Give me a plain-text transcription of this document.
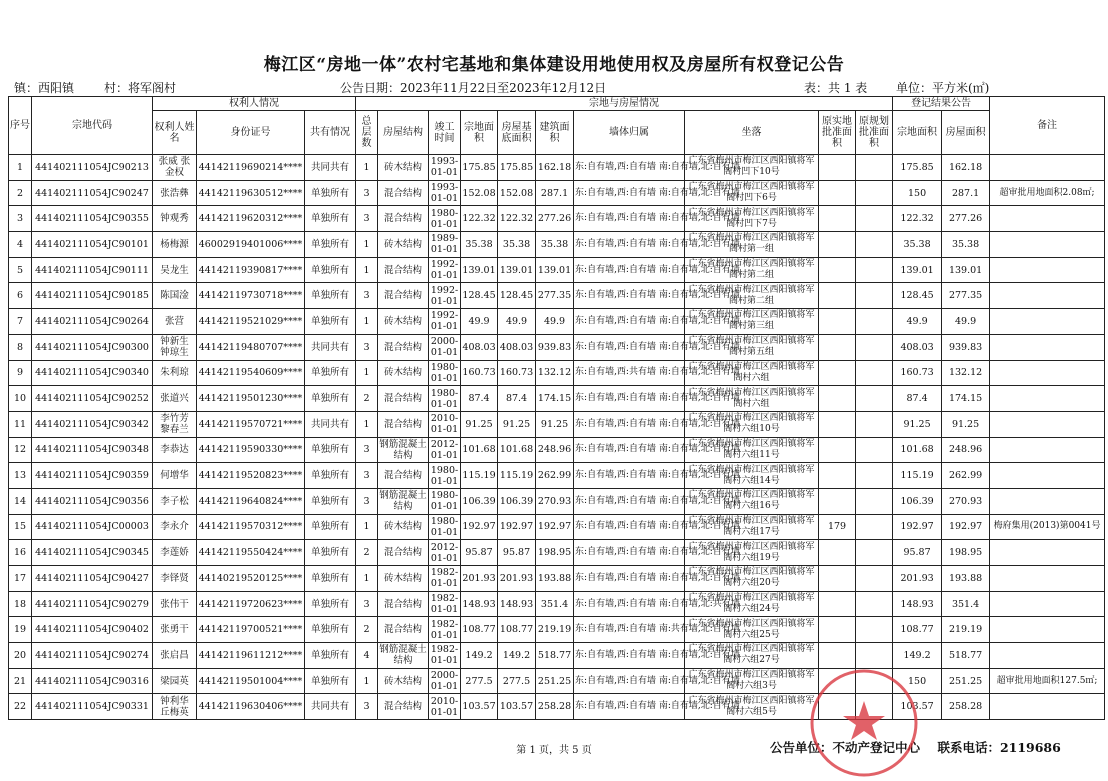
梅江区“房地一体”农村宅基地和集体建设用地使用权及房屋所有权登记公告
镇：西阳镇 村：将军阁村	公告日期：2023年11月22日至2023年12月12日	表：共 1 表 单位：平方米(㎡)
序号	宗地代码	权利人情况			宗地与房屋情况										登记结果公告		备注
		权利人姓名	身份证号	共有情况	总层数	房屋结构	竣工时间	宗地面积	房屋基底面积	建筑面积	墙体归属	坐落	原实地批准面积	原规划批准面积	宗地面积	房屋面积	
1	441402111054JC90213	张威 张金权	44142119690214****	共同共有	1	砖木结构	1993-01-01	175.85	175.85	162.18	东:自有墙,西:自有墙 南:自有墙,北:自有墙	广东省梅州市梅江区西阳镇将军阁村凹下10号			175.85	162.18	
2	441402111054JC90247	张浩彝	44142119630512****	单独所有	3	混合结构	1993-01-01	152.08	152.08	287.1	东:自有墙,西:自有墙 南:自有墙,北:自有墙	广东省梅州市梅江区西阳镇将军阁村凹下6号			150	287.1	超审批用地面积2.08㎡;
3	441402111054JC90355	钟观秀	44142119620312****	单独所有	3	混合结构	1980-01-01	122.32	122.32	277.26	东:自有墙,西:自有墙 南:自有墙,北:自有墙	广东省梅州市梅江区西阳镇将军阁村凹下7号			122.32	277.26	
4	441402111054JC90101	杨梅源	46002919401006****	单独所有	1	砖木结构	1989-01-01	35.38	35.38	35.38	东:自有墙,西:自有墙 南:自有墙,北:自有墙	广东省梅州市梅江区西阳镇将军阁村第一组			35.38	35.38	
5	441402111054JC90111	吴龙生	44142119390817****	单独所有	1	混合结构	1992-01-01	139.01	139.01	139.01	东:自有墙,西:自有墙 南:自有墙,北:自有墙	广东省梅州市梅江区西阳镇将军阁村第二组			139.01	139.01	
6	441402111054JC90185	陈国淦	44142119730718****	单独所有	3	混合结构	1992-01-01	128.45	128.45	277.35	东:自有墙,西:自有墙 南:自有墙,北:自有墙	广东省梅州市梅江区西阳镇将军阁村第二组			128.45	277.35	
7	441402111054JC90264	张营	44142119521029****	单独所有	1	砖木结构	1992-01-01	49.9	49.9	49.9	东:自有墙,西:自有墙 南:自有墙,北:自有墙	广东省梅州市梅江区西阳镇将军阁村第三组			49.9	49.9	
8	441402111054JC90300	钟新生 钟琼生	44142119480707****	共同共有	3	混合结构	2000-01-01	408.03	408.03	939.83	东:自有墙,西:自有墙 南:自有墙,北:自有墙	广东省梅州市梅江区西阳镇将军阁村第五组			408.03	939.83	
9	441402111054JC90340	朱利琼	44142119540609****	单独所有	1	砖木结构	1980-01-01	160.73	160.73	132.12	东:自有墙,西:共有墙 南:自有墙,北:自有墙	广东省梅州市梅江区西阳镇将军阁村六组			160.73	132.12	
10	441402111054JC90252	张道兴	44142119501230****	单独所有	2	混合结构	1980-01-01	87.4	87.4	174.15	东:自有墙,西:自有墙 南:自有墙,北:自有墙	广东省梅州市梅江区西阳镇将军阁村六组			87.4	174.15	
11	441402111054JC90342	李竹芳 黎春兰	44142119570721****	共同共有	1	混合结构	2010-01-01	91.25	91.25	91.25	东:自有墙,西:自有墙 南:自有墙,北:自有墙	广东省梅州市梅江区西阳镇将军阁村六组10号			91.25	91.25	
12	441402111054JC90348	李恭达	44142119590330****	单独所有	3	钢筋混凝土结构	2012-01-01	101.68	101.68	248.96	东:自有墙,西:自有墙 南:自有墙,北:自有墙	广东省梅州市梅江区西阳镇将军阁村六组11号			101.68	248.96	
13	441402111054JC90359	何增华	44142119520823****	单独所有	3	混合结构	1980-01-01	115.19	115.19	262.99	东:自有墙,西:自有墙 南:自有墙,北:自有墙	广东省梅州市梅江区西阳镇将军阁村六组14号			115.19	262.99	
14	441402111054JC90356	李子松	44142119640824****	单独所有	3	钢筋混凝土结构	1980-01-01	106.39	106.39	270.93	东:自有墙,西:自有墙 南:自有墙,北:自有墙	广东省梅州市梅江区西阳镇将军阁村六组16号			106.39	270.93	
15	441402111054JC00003	李永介	44142119570312****	单独所有	1	砖木结构	1980-01-01	192.97	192.97	192.97	东:自有墙,西:自有墙 南:自有墙,北:自有墙	广东省梅州市梅江区西阳镇将军阁村六组17号	179		192.97	192.97	梅府集用(2013)第0041号
16	441402111054JC90345	李莲娇	44142119550424****	单独所有	2	混合结构	2012-01-01	95.87	95.87	198.95	东:自有墙,西:自有墙 南:自有墙,北:自有墙	广东省梅州市梅江区西阳镇将军阁村六组19号			95.87	198.95	
17	441402111054JC90427	李铎贤	44140219520125****	单独所有	1	砖木结构	1982-01-01	201.93	201.93	193.88	东:自有墙,西:自有墙 南:自有墙,北:自有墙	广东省梅州市梅江区西阳镇将军阁村六组20号			201.93	193.88	
18	441402111054JC90279	张伟干	44142119720623****	单独所有	3	混合结构	1982-01-01	148.93	148.93	351.4	东:自有墙,西:自有墙 南:自有墙,北:共有墙	广东省梅州市梅江区西阳镇将军阁村六组24号			148.93	351.4	
19	441402111054JC90402	张勇干	44142119700521****	单独所有	2	混合结构	1982-01-01	108.77	108.77	219.19	东:自有墙,西:自有墙 南:共有墙,北:自有墙	广东省梅州市梅江区西阳镇将军阁村六组25号			108.77	219.19	
20	441402111054JC90274	张启昌	44142119611212****	单独所有	4	钢筋混凝土结构	1982-01-01	149.2	149.2	518.77	东:自有墙,西:自有墙 南:自有墙,北:自有墙	广东省梅州市梅江区西阳镇将军阁村六组27号			149.2	518.77	
21	441402111054JC90316	梁园英	44142119501004****	单独所有	1	砖木结构	2000-01-01	277.5	277.5	251.25	东:自有墙,西:自有墙 南:自有墙,北:自有墙	广东省梅州市梅江区西阳镇将军阁村六组3号			150	251.25	超审批用地面积127.5㎡;
22	441402111054JC90331	钟利华 丘梅英	44142119630406****	共同共有	3	混合结构	2010-01-01	103.57	103.57	258.28	东:自有墙,西:自有墙 南:自有墙,北:自有墙	广东省梅州市梅江区西阳镇将军阁村六组5号			103.57	258.28	
第 1 页，共 5 页	公告单位：不动产登记中心 联系电话：2119686
